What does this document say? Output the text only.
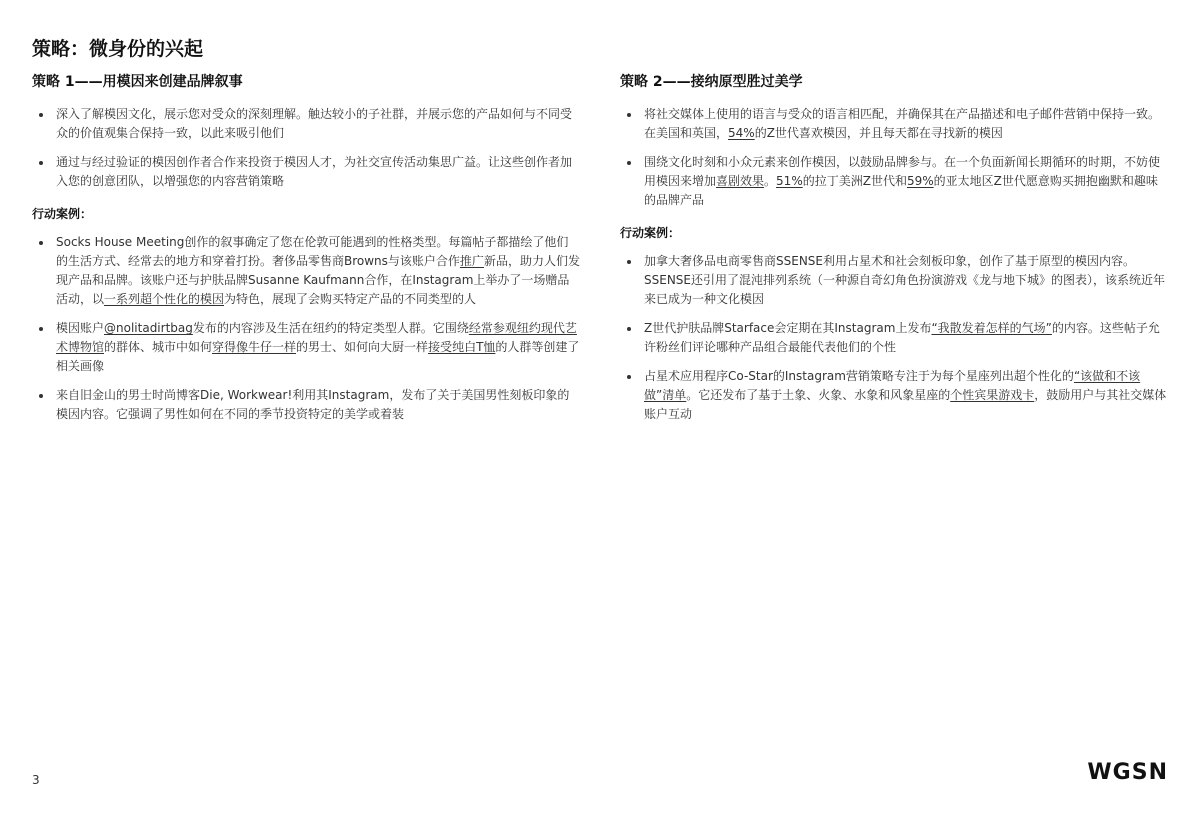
策略：微身份的兴起
策略 1——用模因来创建品牌叙事
深入了解模因文化，展示您对受众的深刻理解。触达较小的子社群，并展示您的产品如何与不同受众的价值观集合保持一致，以此来吸引他们
通过与经过验证的模因创作者合作来投资于模因人才，为社交宣传活动集思广益。让这些创作者加入您的创意团队，以增强您的内容营销策略
行动案例：
Socks House Meeting创作的叙事确定了您在伦敦可能遇到的性格类型。每篇帖子都描绘了他们的生活方式、经常去的地方和穿着打扮。奢侈品零售商Browns与该账户合作推广新品，助力人们发现产品和品牌。该账户还与护肤品牌Susanne Kaufmann合作，在Instagram上举办了一场赠品活动，以一系列超个性化的模因为特色，展现了会购买特定产品的不同类型的人
模因账户@nolitadirtbag发布的内容涉及生活在纽约的特定类型人群。它围绕经常参观纽约现代艺术博物馆的群体、城市中如何穿得像牛仔一样的男士、如何向大厨一样接受纯白T恤的人群等创建了相关画像
来自旧金山的男士时尚博客Die, Workwear!利用其Instagram，发布了关于美国男性刻板印象的模因内容。它强调了男性如何在不同的季节投资特定的美学或着装
策略 2——接纳原型胜过美学
将社交媒体上使用的语言与受众的语言相匹配，并确保其在产品描述和电子邮件营销中保持一致。在美国和英国，54%的Z世代喜欢模因，并且每天都在寻找新的模因
围绕文化时刻和小众元素来创作模因，以鼓励品牌参与。在一个负面新闻长期循环的时期，不妨使用模因来增加喜剧效果。51%的拉丁美洲Z世代和59%的亚太地区Z世代愿意购买拥抱幽默和趣味的品牌产品
行动案例：
加拿大奢侈品电商零售商SSENSE利用占星术和社会刻板印象，创作了基于原型的模因内容。SSENSE还引用了混沌排列系统（一种源自奇幻角色扮演游戏《龙与地下城》的图表），该系统近年来已成为一种文化模因
Z世代护肤品牌Starface会定期在其Instagram上发布“我散发着怎样的气场”的内容。这些帖子允许粉丝们评论哪种产品组合最能代表他们的个性
占星术应用程序Co-Star的Instagram营销策略专注于为每个星座列出超个性化的“该做和不该做”清单。它还发布了基于土象、火象、水象和风象星座的个性宾果游戏卡，鼓励用户与其社交媒体账户互动
3	WGSN
